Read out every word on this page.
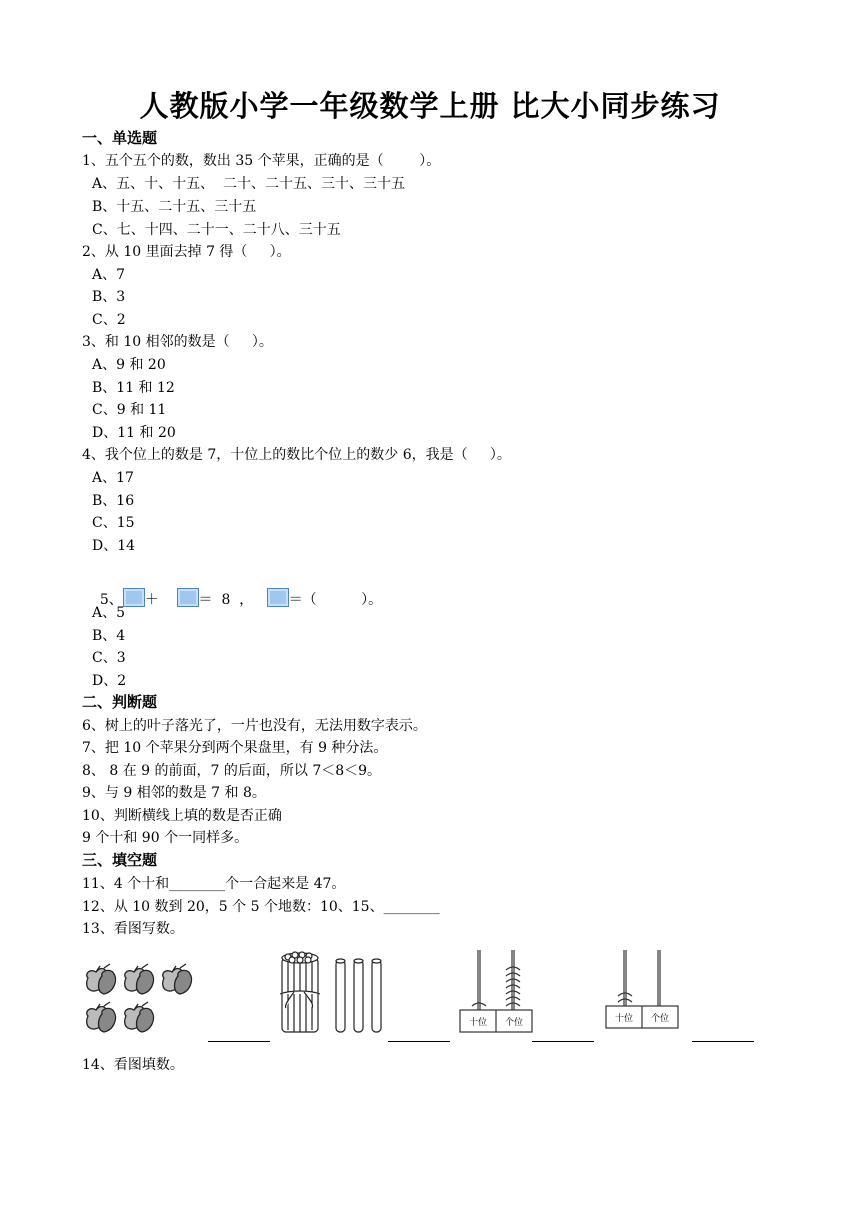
人教版小学一年级数学上册 比大小同步练习
一、单选题
1、五个五个的数，数出 35 个苹果，正确的是（        ）。
A、五、十、十五、  二十、二十五、三十、三十五
B、十五、二十五、三十五
C、七、十四、二十一、二十八、三十五
2、从 10 里面去掉 7 得（     ）。
A、7
B、3
C、2
3、和 10 相邻的数是（     ）。
A、9 和 20
B、11 和 12
C、9 和 11
D、11 和 20
4、我个位上的数是 7，十位上的数比个位上的数少 6，我是（     ）。
A、17
B、16
C、15
D、14

5、 ＋	＝  8  ，	＝（          ）。

A、5
B、4
C、3
D、2
二、判断题
6、树上的叶子落光了，一片也没有，无法用数字表示。
7、把 10 个苹果分到两个果盘里，有 9 种分法。
8、 8 在 9 的前面，7 的后面，所以 7＜8＜9。
9、与 9 相邻的数是 7 和 8。
10、判断横线上填的数是否正确
9 个十和 90 个一同样多。
三、填空题
11、4 个十和________个一合起来是 47。
12、从 10 数到 20，5 个 5 个地数：10、15、________
13、看图写数。
十位 个位	十位 个位
14、看图填数。
